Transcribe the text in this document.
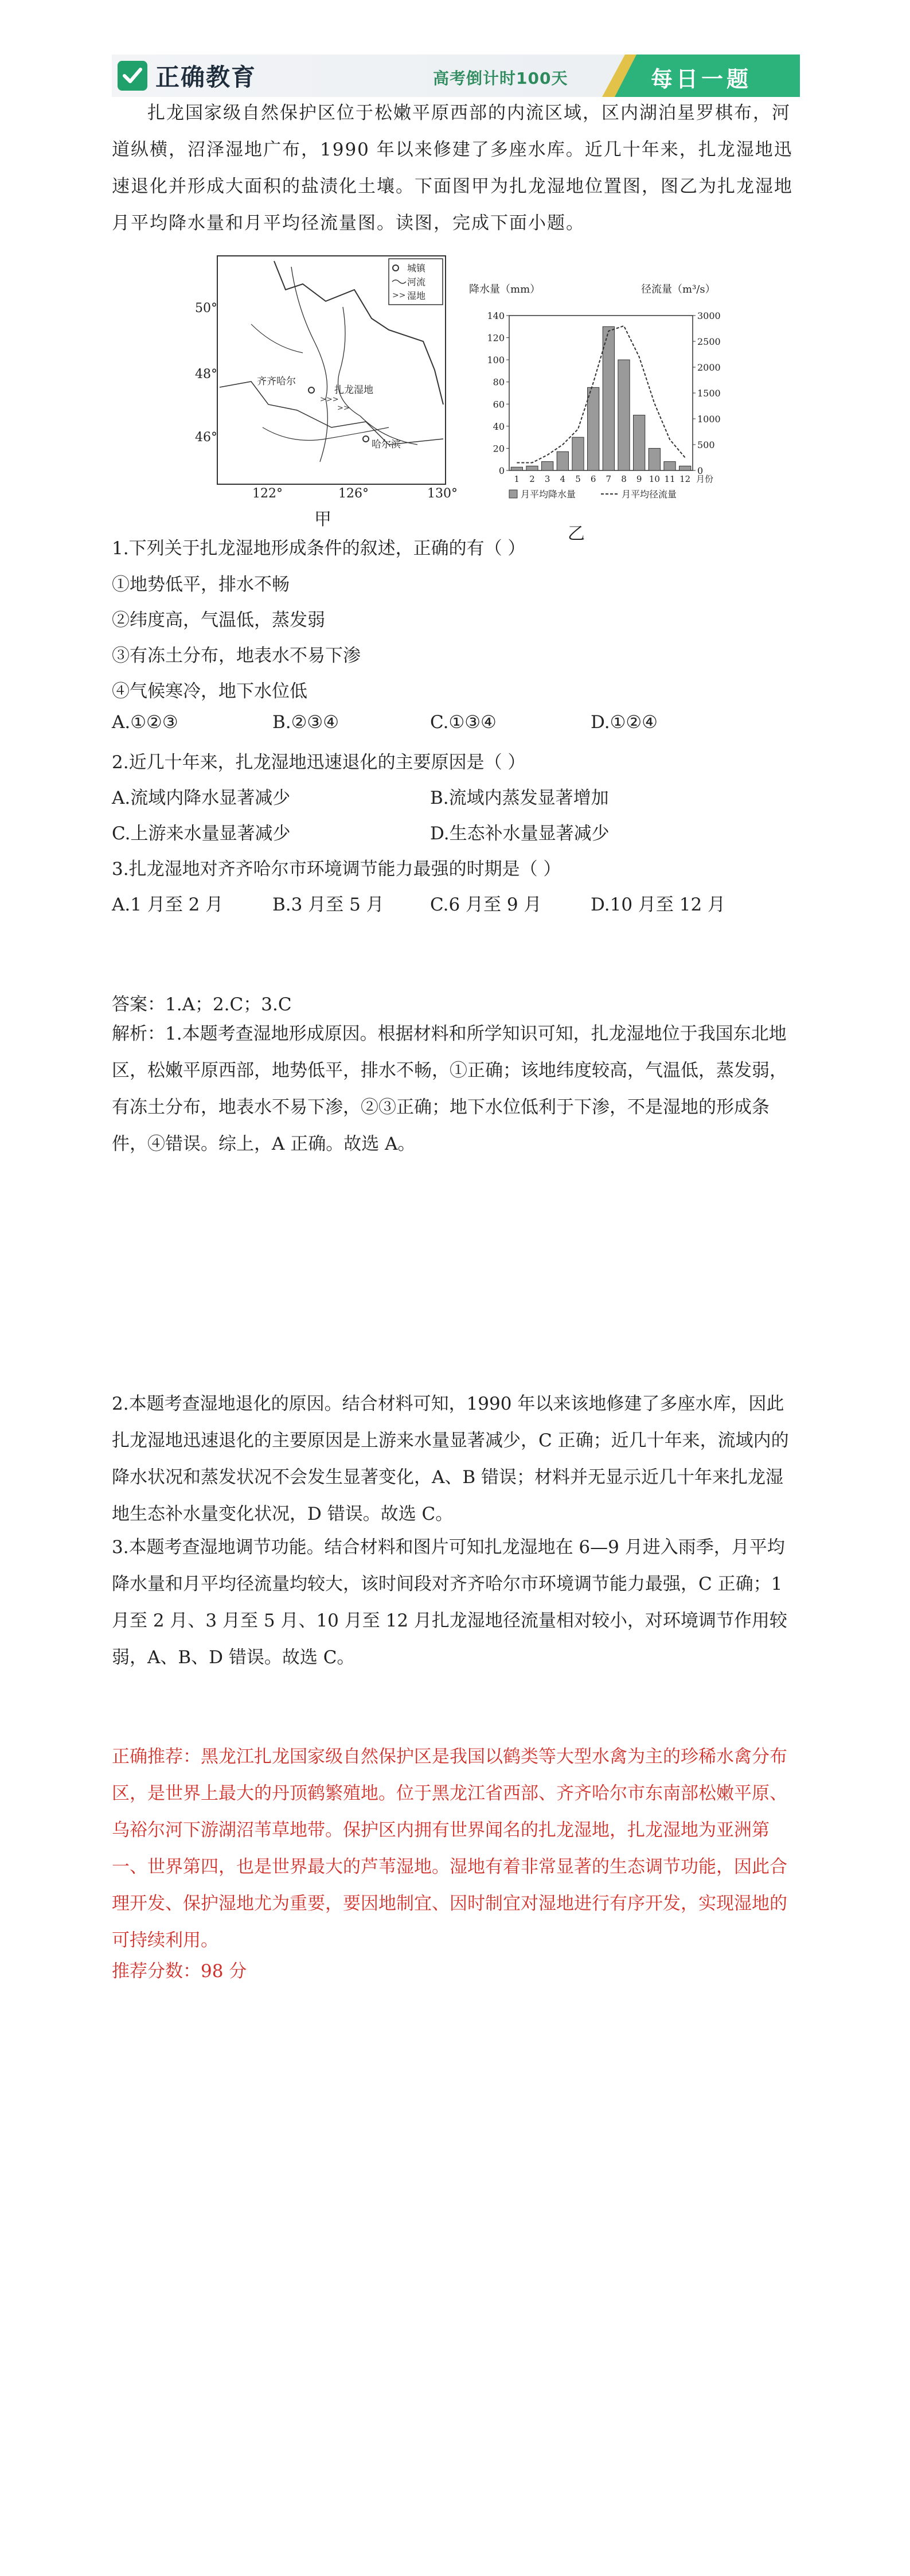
正确教育	高考倒计时100天	每日一题
扎龙国家级自然保护区位于松嫩平原西部的内流区域，区内湖泊星罗棋布，河道纵横，沼泽湿地广布，1990 年以来修建了多座水库。近几十年来，扎龙湿地迅速退化并形成大面积的盐渍化土壤。下面图甲为扎龙湿地位置图，图乙为扎龙湿地月平均降水量和月平均径流量图。读图，完成下面小题。
>>
城镇
河流
湿地
>>>
>>
齐齐哈尔
扎龙湿地
哈尔滨
50°
48°
46°
122°	126°	130°
甲
降水量（mm）	径流量（m³/s）
0
20
40
60
80
100
120
140
0
500
1000
1500
2000
2500
3000
1 2 3 4 5 6 7 8 9 10 11 12 月份
月平均降水量	月平均径流量
乙
1.下列关于扎龙湿地形成条件的叙述，正确的有（ ）
①地势低平，排水不畅
②纬度高，气温低，蒸发弱
③有冻土分布，地表水不易下渗
④气候寒冷，地下水位低
A.①②③	B.②③④	C.①③④	D.①②④
2.近几十年来，扎龙湿地迅速退化的主要原因是（ ）
A.流域内降水显著减少	B.流域内蒸发显著增加
C.上游来水量显著减少	D.生态补水量显著减少
3.扎龙湿地对齐齐哈尔市环境调节能力最强的时期是（ ）
A.1 月至 2 月	B.3 月至 5 月	C.6 月至 9 月	D.10 月至 12 月
答案：1.A；2.C；3.C
解析：1.本题考查湿地形成原因。根据材料和所学知识可知，扎龙湿地位于我国东北地区，松嫩平原西部，地势低平，排水不畅，①正确；该地纬度较高，气温低，蒸发弱，有冻土分布，地表水不易下渗，②③正确；地下水位低利于下渗，不是湿地的形成条件，④错误。综上，A 正确。故选 A。
2.本题考查湿地退化的原因。结合材料可知，1990 年以来该地修建了多座水库，因此扎龙湿地迅速退化的主要原因是上游来水量显著减少，C 正确；近几十年来，流域内的降水状况和蒸发状况不会发生显著变化，A、B 错误；材料并无显示近几十年来扎龙湿地生态补水量变化状况，D 错误。故选 C。
3.本题考查湿地调节功能。结合材料和图片可知扎龙湿地在 6—9 月进入雨季，月平均降水量和月平均径流量均较大，该时间段对齐齐哈尔市环境调节能力最强，C 正确；1 月至 2 月、3 月至 5 月、10 月至 12 月扎龙湿地径流量相对较小，对环境调节作用较弱，A、B、D 错误。故选 C。
正确推荐：黑龙江扎龙国家级自然保护区是我国以鹤类等大型水禽为主的珍稀水禽分布区，是世界上最大的丹顶鹤繁殖地。位于黑龙江省西部、齐齐哈尔市东南部松嫩平原、乌裕尔河下游湖沼苇草地带。保护区内拥有世界闻名的扎龙湿地，扎龙湿地为亚洲第一、世界第四，也是世界最大的芦苇湿地。湿地有着非常显著的生态调节功能，因此合理开发、保护湿地尤为重要，要因地制宜、因时制宜对湿地进行有序开发，实现湿地的可持续利用。
推荐分数：98 分
